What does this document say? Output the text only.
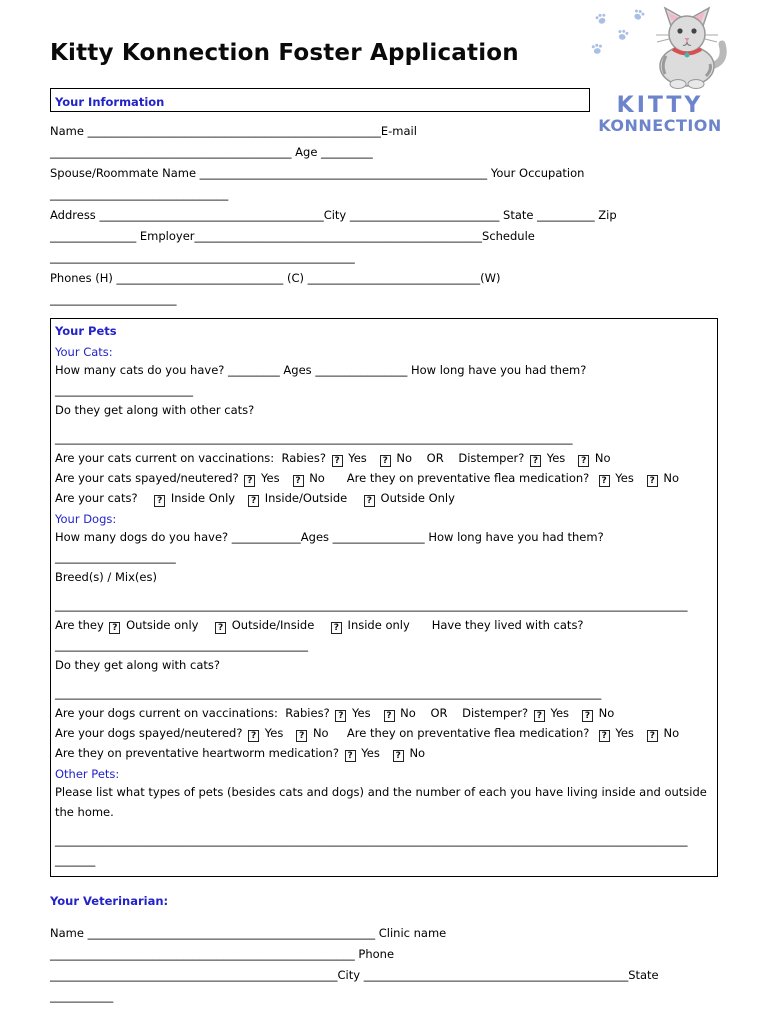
KITTY
KONNECTION
Kitty Konnection Foster Application
Your Information
Name ___________________________________________________E-mail
__________________________________________ Age _________
Spouse/Roommate Name __________________________________________________ Your Occupation
_______________________________
Address _______________________________________City __________________________ State __________ Zip
_______________ Employer__________________________________________________Schedule
_____________________________________________________
Phones (H) _____________________________ (C) ______________________________(W)
______________________
Your Pets
Your Cats:
How many cats do you have? _________ Ages ________________ How long have you had them?
________________________
Do they get along with other cats?
__________________________________________________________________________________________
Are your cats current on vaccinations:  Rabies? ? Yes   ? No    OR    Distemper? ? Yes   ? No
Are your cats spayed/neutered? ? Yes   ? No      Are they on preventative flea medication?  ? Yes   ? No
Are your cats?    ? Inside Only   ? Inside/Outside    ? Outside Only
Your Dogs:
How many dogs do you have? ____________Ages ________________ How long have you had them?
_____________________
Breed(s) / Mix(es)
______________________________________________________________________________________________________________
Are they ? Outside only    ? Outside/Inside    ? Inside only      Have they lived with cats?
____________________________________________
Do they get along with cats?
_______________________________________________________________________________________________
Are your dogs current on vaccinations:  Rabies? ? Yes   ? No    OR    Distemper? ? Yes   ? No
Are your dogs spayed/neutered? ? Yes   ? No     Are they on preventative flea medication?  ? Yes   ? No
Are they on preventative heartworm medication? ? Yes   ? No
Other Pets:
Please list what types of pets (besides cats and dogs) and the number of each you have living inside and outside the home.
______________________________________________________________________________________________________________
_______
Your Veterinarian:
Name __________________________________________________ Clinic name
_____________________________________________________ Phone
__________________________________________________City ______________________________________________State
___________
